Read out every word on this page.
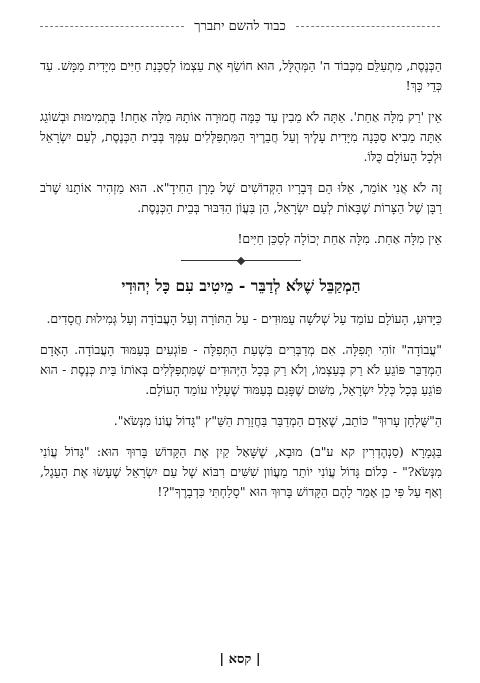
כבוד להשם יתברך

הַכְּנֶסֶת, מִתְעַלֵּם מִכְּבוֹד ה' הַמְּהֻלָּל, הוּא חוֹשֵׂף אֶת עַצְמוֹ לְסַכָּנַת חַיִּים מִיָּדִית מַמָּשׁ. עַד כְּדֵי כָּךְ!

אֵין 'רַק מִלָּה אַחַת'. אַתָּה לֹא מֵבִין עַד כַּמָּה חֲמוּרָה אוֹתָהּ מִלָּה אַחַת! בְּתְמִימוּת וּבְשׁוֹגֵג אַתָּה מֵבִיא סַכָּנָה מִיָּדִית עָלֶיךָ וְעַל חֲבֵרֶיךָ הַמִּתְפַּלְּלִים עִמְּךָ בְּבֵית הַכְּנֶסֶת, לְעַם יִשְׂרָאֵל וּלְכָל הָעוֹלָם כֻּלּוֹ.

זֶה לֹא אֲנִי אוֹמֵר, אֵלּוּ הֵם דְּבָרָיו הַקְּדוֹשִׁים שֶׁל מָרָן הַחִידָ"א. הוּא מַזְהִיר אוֹתָנוּ שֶׁרֹב רַבָּן שֶׁל הַצָּרוֹת שֶׁבָּאוֹת לְעַם יִשְׂרָאֵל, הֵן בַּעֲוֹן הַדִּבּוּר בְּבֵית הַכְּנֶסֶת.

אֵין מִלָּה אַחַת. מִלָּה אַחַת יְכוֹלָה לְסַכֵּן חַיִּים!

הַמְקַבֵּל שֶׁלֹּא לְדַבֵּר - מֵיטִיב עִם כָּל יְהוּדִי

כַּיָּדוּעַ, הָעוֹלָם עוֹמֵד עַל שְׁלֹשָׁה עַמּוּדִים - עַל הַתּוֹרָה וְעַל הָעֲבוֹדָה וְעַל גְּמִילוּת חֲסָדִים.

"עֲבוֹדָה" זוֹהִי תְּפִלָּה. אִם מְדַבְּרִים בִּשְׁעַת הַתְּפִלָּה - פּוֹגְעִים בְּעַמּוּד הָעֲבוֹדָה. הָאָדָם הַמְדַבֵּר פּוֹגֵעַ לֹא רַק בְּעַצְמוֹ, וְלֹא רַק בְּכָל הַיְּהוּדִים שֶׁמִּתְפַּלְּלִים בְּאוֹתוֹ בֵּית כְּנֶסֶת - הוּא פּוֹגֵעַ בְּכָל כְּלַל יִשְׂרָאֵל, מִשּׁוּם שֶׁפָּגַם בְּעַמּוּד שֶׁעָלָיו עוֹמֵד הָעוֹלָם.

הַ"שֻּׁלְחָן עָרוּךְ" כּוֹתֵב, שֶׁאָדָם הַמְדַבֵּר בַּחֲזָרַת הַשַּׁ"ץ "גָּדוֹל עֲוֹנוֹ מִנְּשֹׂא".

בַּגְּמָרָא (סַנְהֶדְרִין קא ע"ב) מוּבָא, שֶׁשָּׁאַל קַיִן אֶת הַקָּדוֹשׁ בָּרוּךְ הוּא: "גָּדוֹל עֲוֹנִי מִנְּשֹׂא?" - כְּלוֹם גָּדוֹל עֲוֹנִי יוֹתֵר מֵעֲוֹון שִׁשִּׁים רִבּוֹא שֶׁל עַם יִשְׂרָאֵל שֶׁעָשׂוּ אֶת הָעֵגֶל, וְאַף עַל פִּי כֵן אָמַר לָהֶם הַקָּדוֹשׁ בָּרוּךְ הוּא "סָלַחְתִּי כִּדְבָרֶךָ"?!

| קסא |
